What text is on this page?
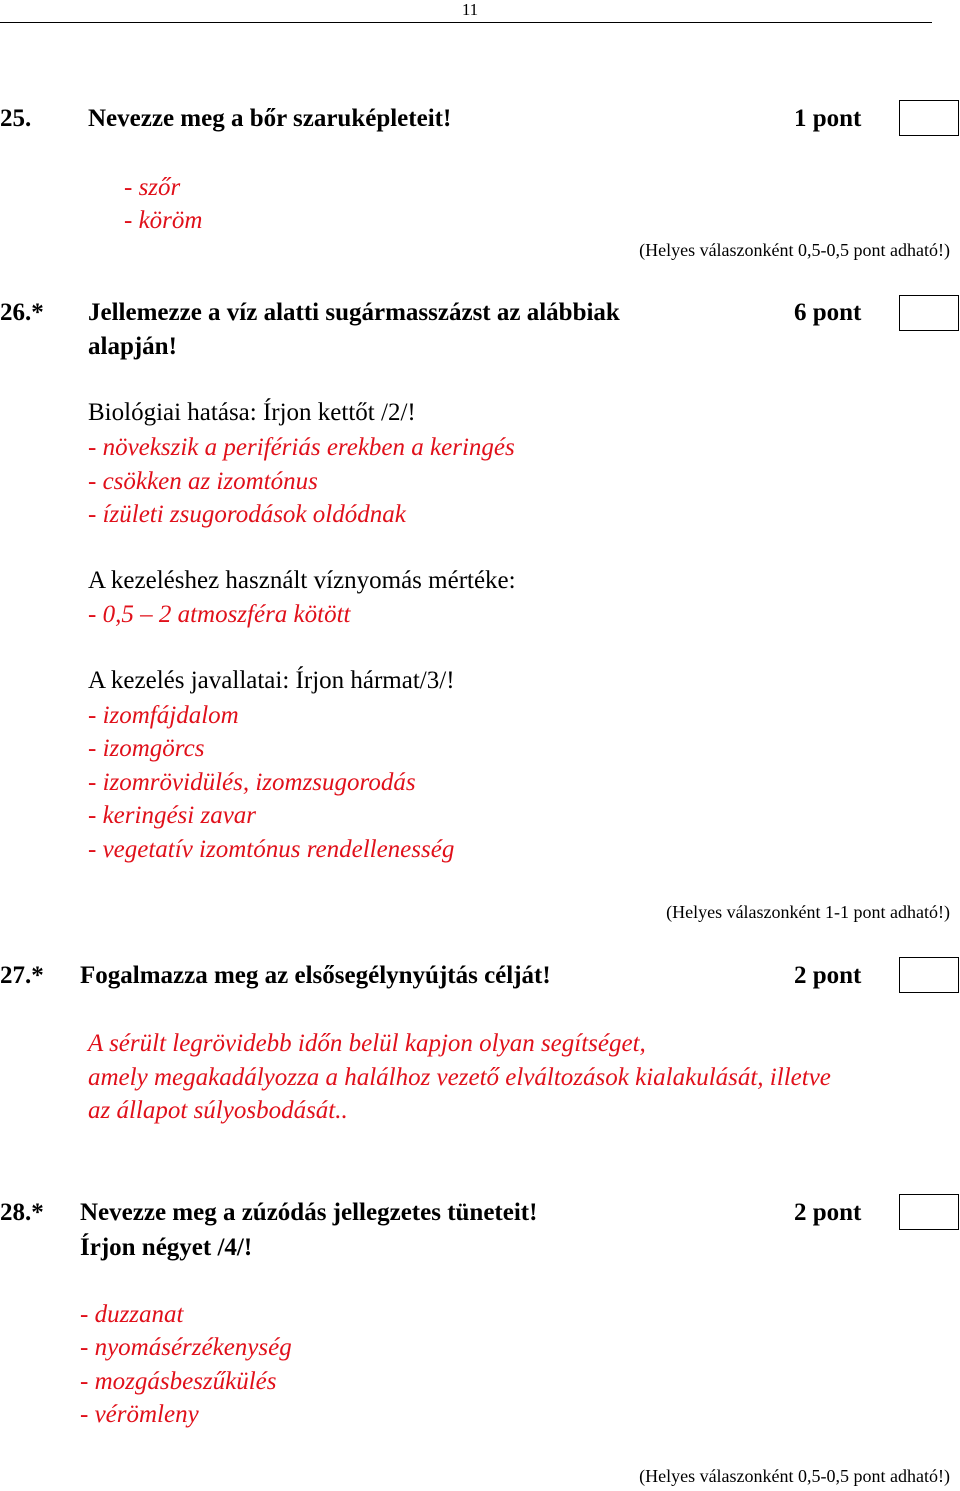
11
25. Nevezze meg a bőr szaruképleteit!	1 pont
- szőr
- köröm
(Helyes válaszonként 0,5-0,5 pont adható!)
26.* Jellemezze a víz alatti sugármasszázst az alábbiak
alapján!
6 pont
Biológiai hatása: Írjon kettőt /2/!
- növekszik a perifériás erekben a keringés
- csökken az izomtónus
- ízületi zsugorodások oldódnak
A kezeléshez használt víznyomás mértéke:
- 0,5 – 2 atmoszféra kötött
A kezelés javallatai: Írjon hármat/3/!
- izomfájdalom
- izomgörcs
- izomrövidülés, izomzsugorodás
- keringési zavar
- vegetatív izomtónus rendellenesség
(Helyes válaszonként 1-1 pont adható!)
27.* Fogalmazza meg az elsősegélynyújtás célját!	2 pont
A sérült legrövidebb időn belül kapjon olyan segítséget,
amely megakadályozza a halálhoz vezető elváltozások kialakulását, illetve
az állapot súlyosbodását..
28.* Nevezze meg a zúzódás jellegzetes tüneteit!
Írjon négyet /4/!
2 pont
- duzzanat
- nyomásérzékenység
- mozgásbeszűkülés
- vérömleny
(Helyes válaszonként 0,5-0,5 pont adható!)
